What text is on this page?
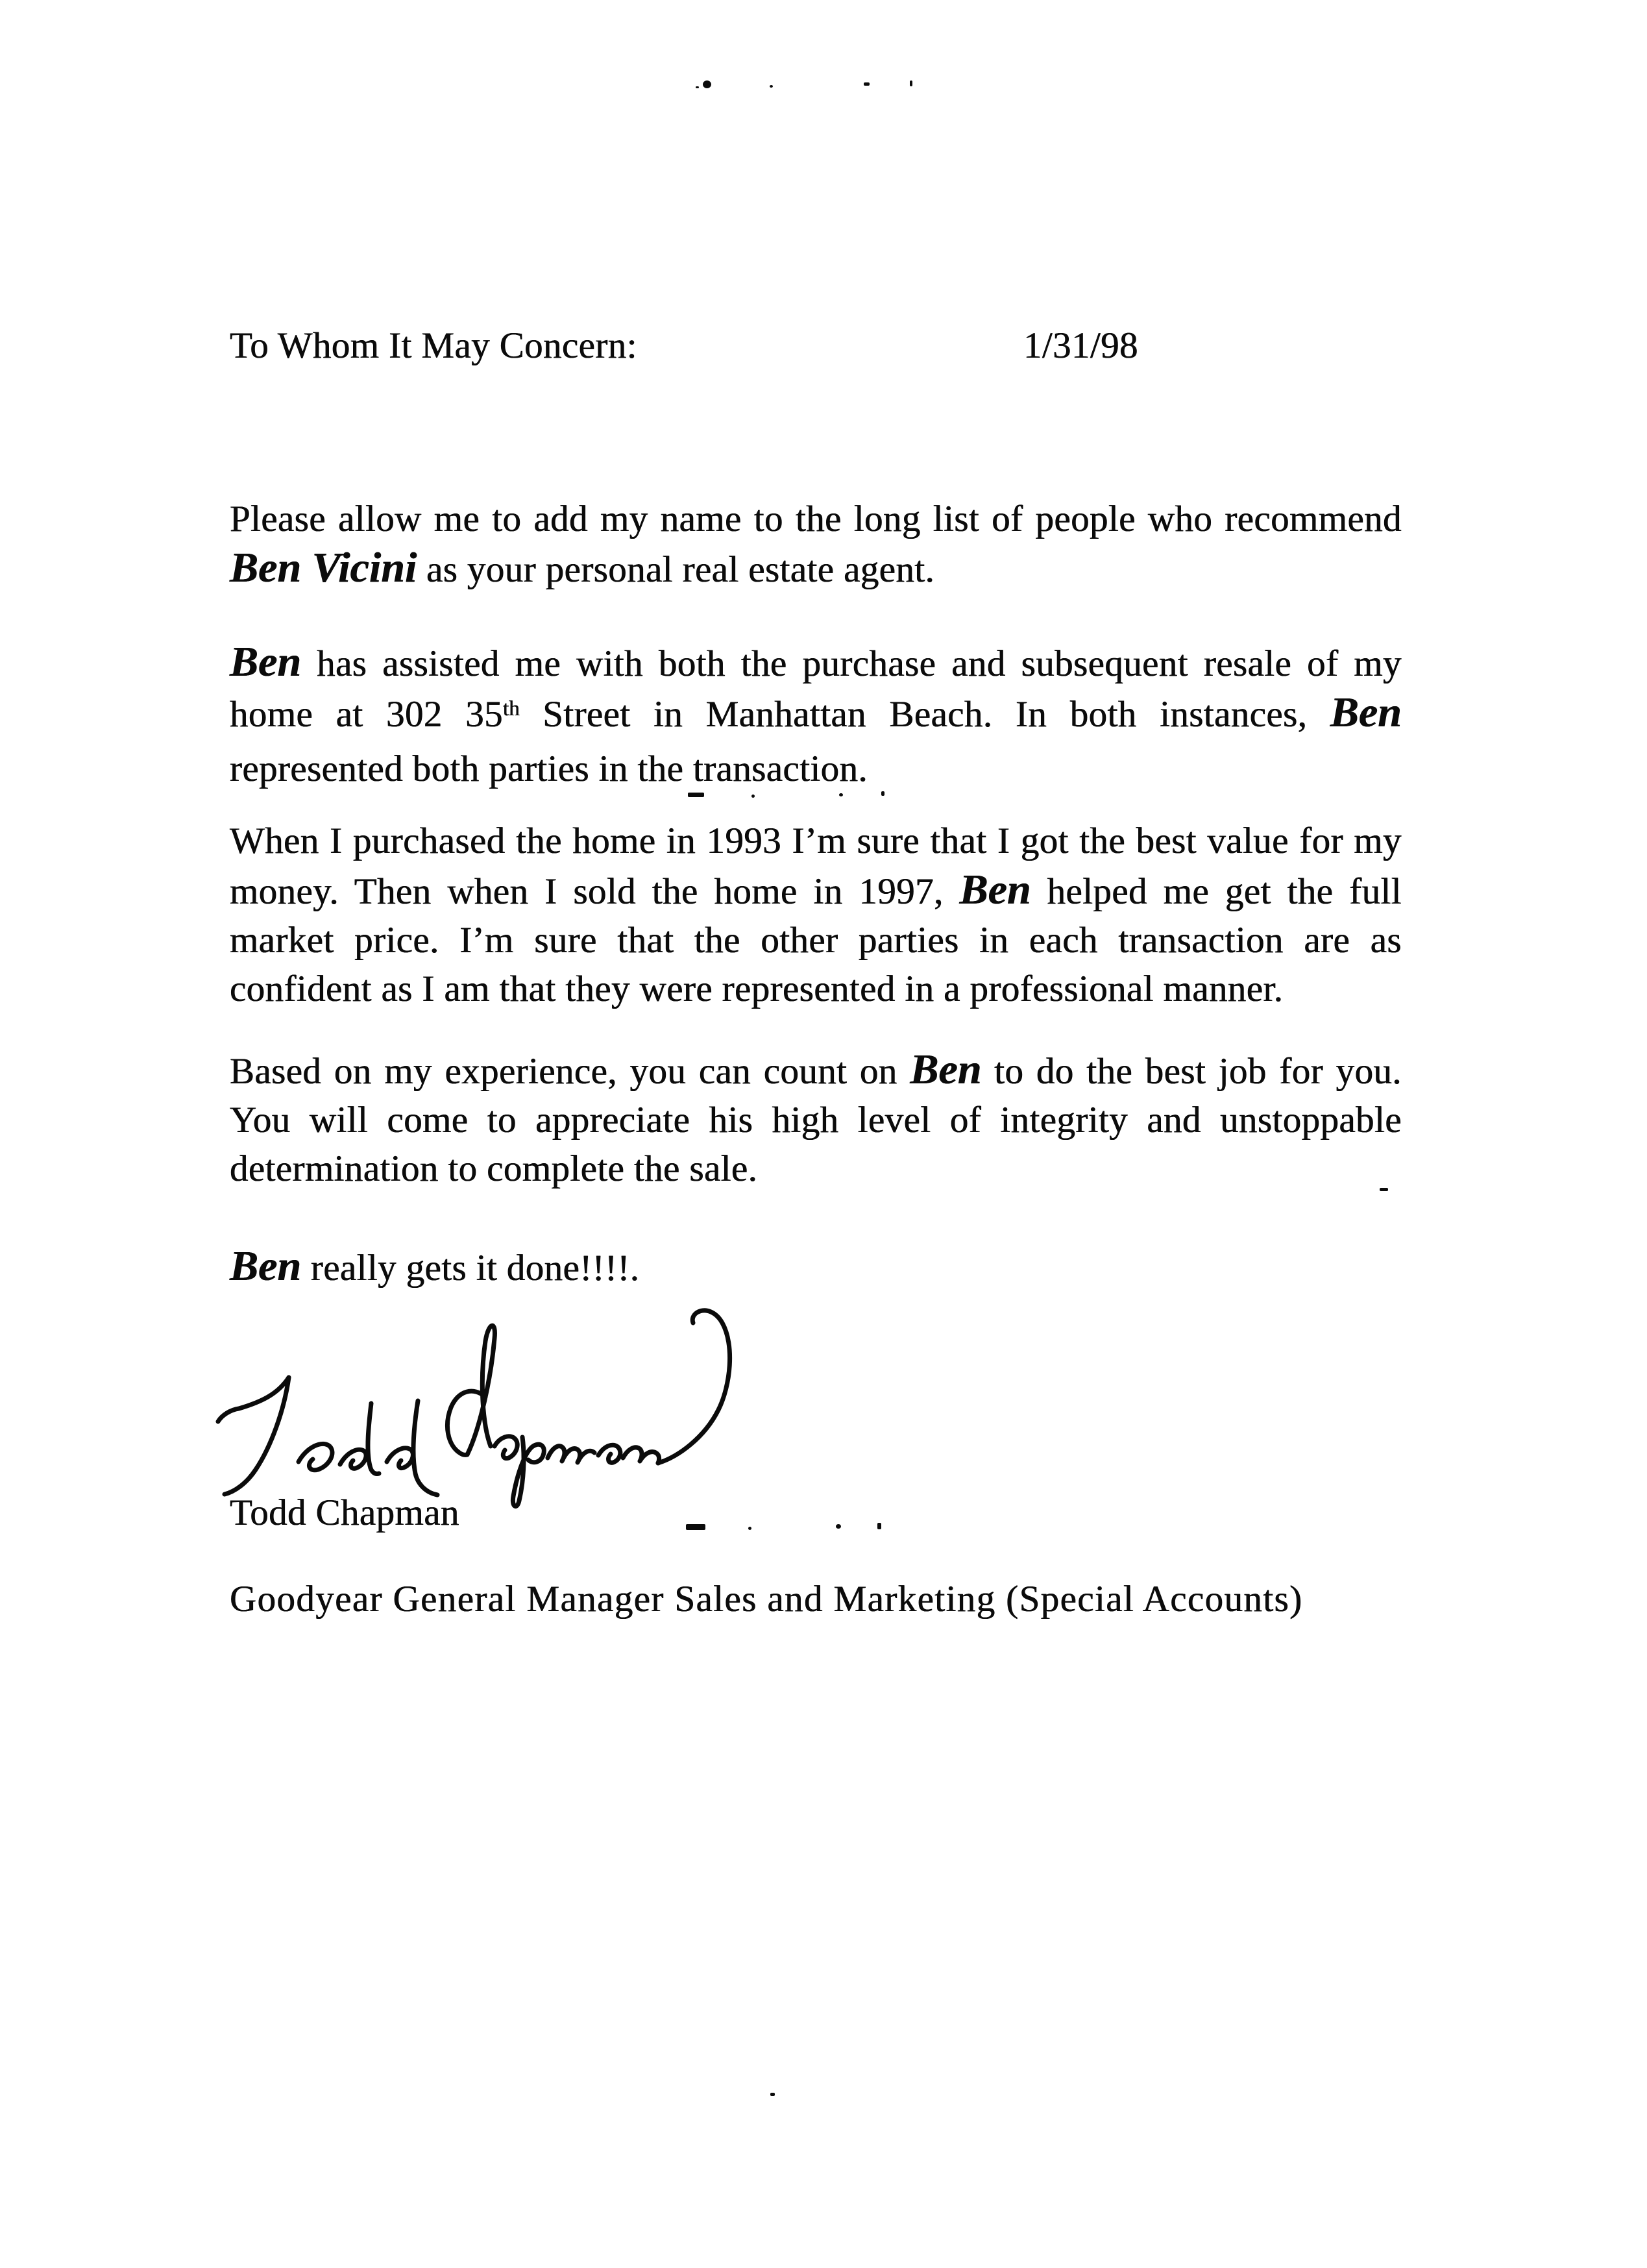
To Whom It May Concern:	1/31/98
Please allow me to add my name to the long list of people who recommend
Ben Vicini as your personal real estate agent.
Ben has assisted me with both the purchase and subsequent resale of my
home at 302 35th Street in Manhattan Beach. In both instances, Ben
represented both parties in the transaction.
When I purchased the home in 1993 I’m sure that I got the best value for my
money. Then when I sold the home in 1997, Ben helped me get the full
market price. I’m sure that the other parties in each transaction are as
confident as I am that they were represented in a professional manner.
Based on my experience, you can count on Ben to do the best job for you.
You will come to appreciate his high level of integrity and unstoppable
determination to complete the sale.
Ben really gets it done!!!!.
Todd Chapman
Goodyear General Manager Sales and Marketing (Special Accounts)
